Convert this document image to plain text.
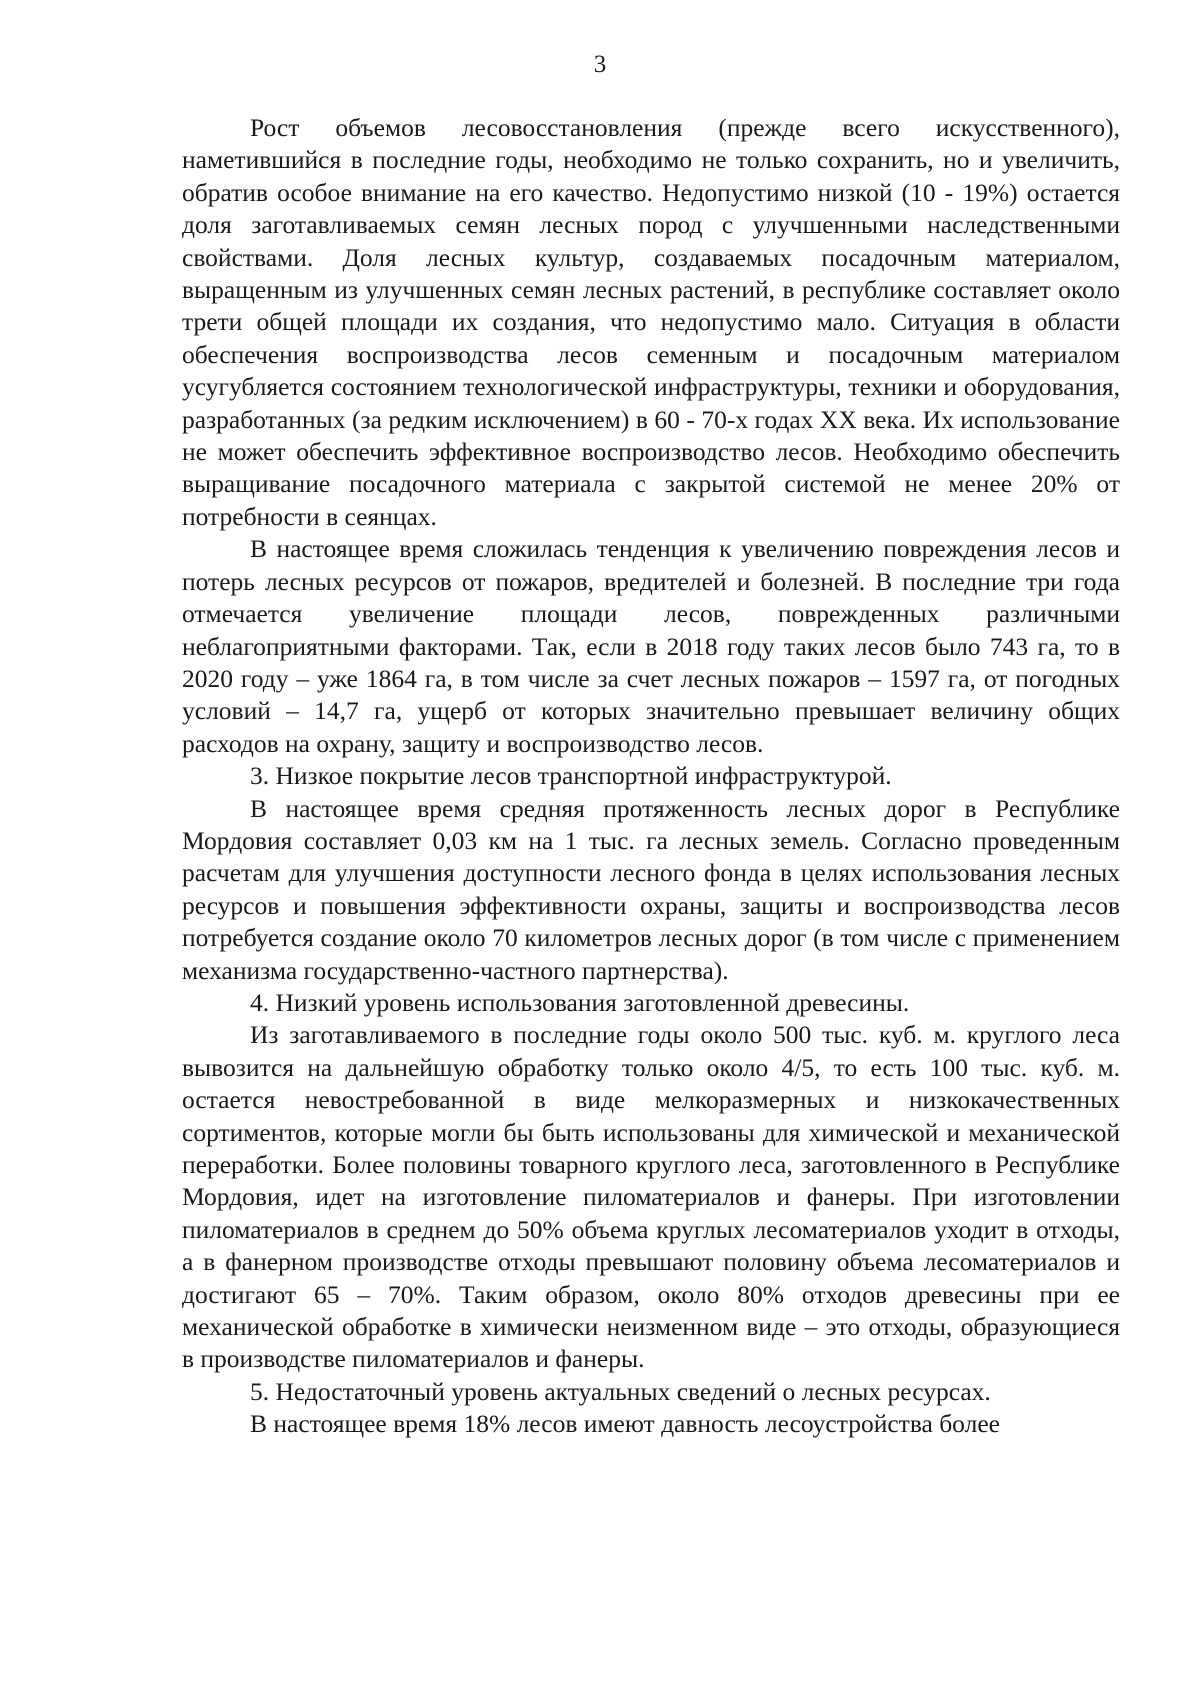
3

Рост объемов лесовосстановления (прежде всего искусственного), наметившийся в последние годы, необходимо не только сохранить, но и увеличить, обратив особое внимание на его качество. Недопустимо низкой (10 - 19%) остается доля заготавливаемых семян лесных пород с улучшенными наследственными свойствами. Доля лесных культур, создаваемых посадочным материалом, выращенным из улучшенных семян лесных растений, в республике составляет около трети общей площади их создания, что недопустимо мало. Ситуация в области обеспечения воспроизводства лесов семенным и посадочным материалом усугубляется состоянием технологической инфраструктуры, техники и оборудования, разработанных (за редким исключением) в 60 - 70-х годах XX века. Их использование не может обеспечить эффективное воспроизводство лесов. Необходимо обеспечить выращивание посадочного материала с закрытой системой не менее 20% от потребности в сеянцах.

В настоящее время сложилась тенденция к увеличению повреждения лесов и потерь лесных ресурсов от пожаров, вредителей и болезней. В последние три года отмечается увеличение площади лесов, поврежденных различными неблагоприятными факторами. Так, если в 2018 году таких лесов было 743 га, то в 2020 году – уже 1864 га, в том числе за счет лесных пожаров – 1597 га, от погодных условий – 14,7 га, ущерб от которых значительно превышает величину общих расходов на охрану, защиту и воспроизводство лесов.

3. Низкое покрытие лесов транспортной инфраструктурой.

В настоящее время средняя протяженность лесных дорог в Республике Мордовия составляет 0,03 км на 1 тыс. га лесных земель. Согласно проведенным расчетам для улучшения доступности лесного фонда в целях использования лесных ресурсов и повышения эффективности охраны, защиты и воспроизводства лесов потребуется создание около 70 километров лесных дорог (в том числе с применением механизма государственно-частного партнерства).

4. Низкий уровень использования заготовленной древесины.

Из заготавливаемого в последние годы около 500 тыс. куб. м. круглого леса вывозится на дальнейшую обработку только около 4/5, то есть 100 тыс. куб. м. остается невостребованной в виде мелкоразмерных и низкокачественных сортиментов, которые могли бы быть использованы для химической и механической переработки. Более половины товарного круглого леса, заготовленного в Республике Мордовия, идет на изготовление пиломатериалов и фанеры. При изготовлении пиломатериалов в среднем до 50% объема круглых лесоматериалов уходит в отходы, а в фанерном производстве отходы превышают половину объема лесоматериалов и достигают 65 – 70%. Таким образом, около 80% отходов древесины при ее механической обработке в химически неизменном виде – это отходы, образующиеся в производстве пиломатериалов и фанеры.

5. Недостаточный уровень актуальных сведений о лесных ресурсах.

В настоящее время 18% лесов имеют давность лесоустройства более
